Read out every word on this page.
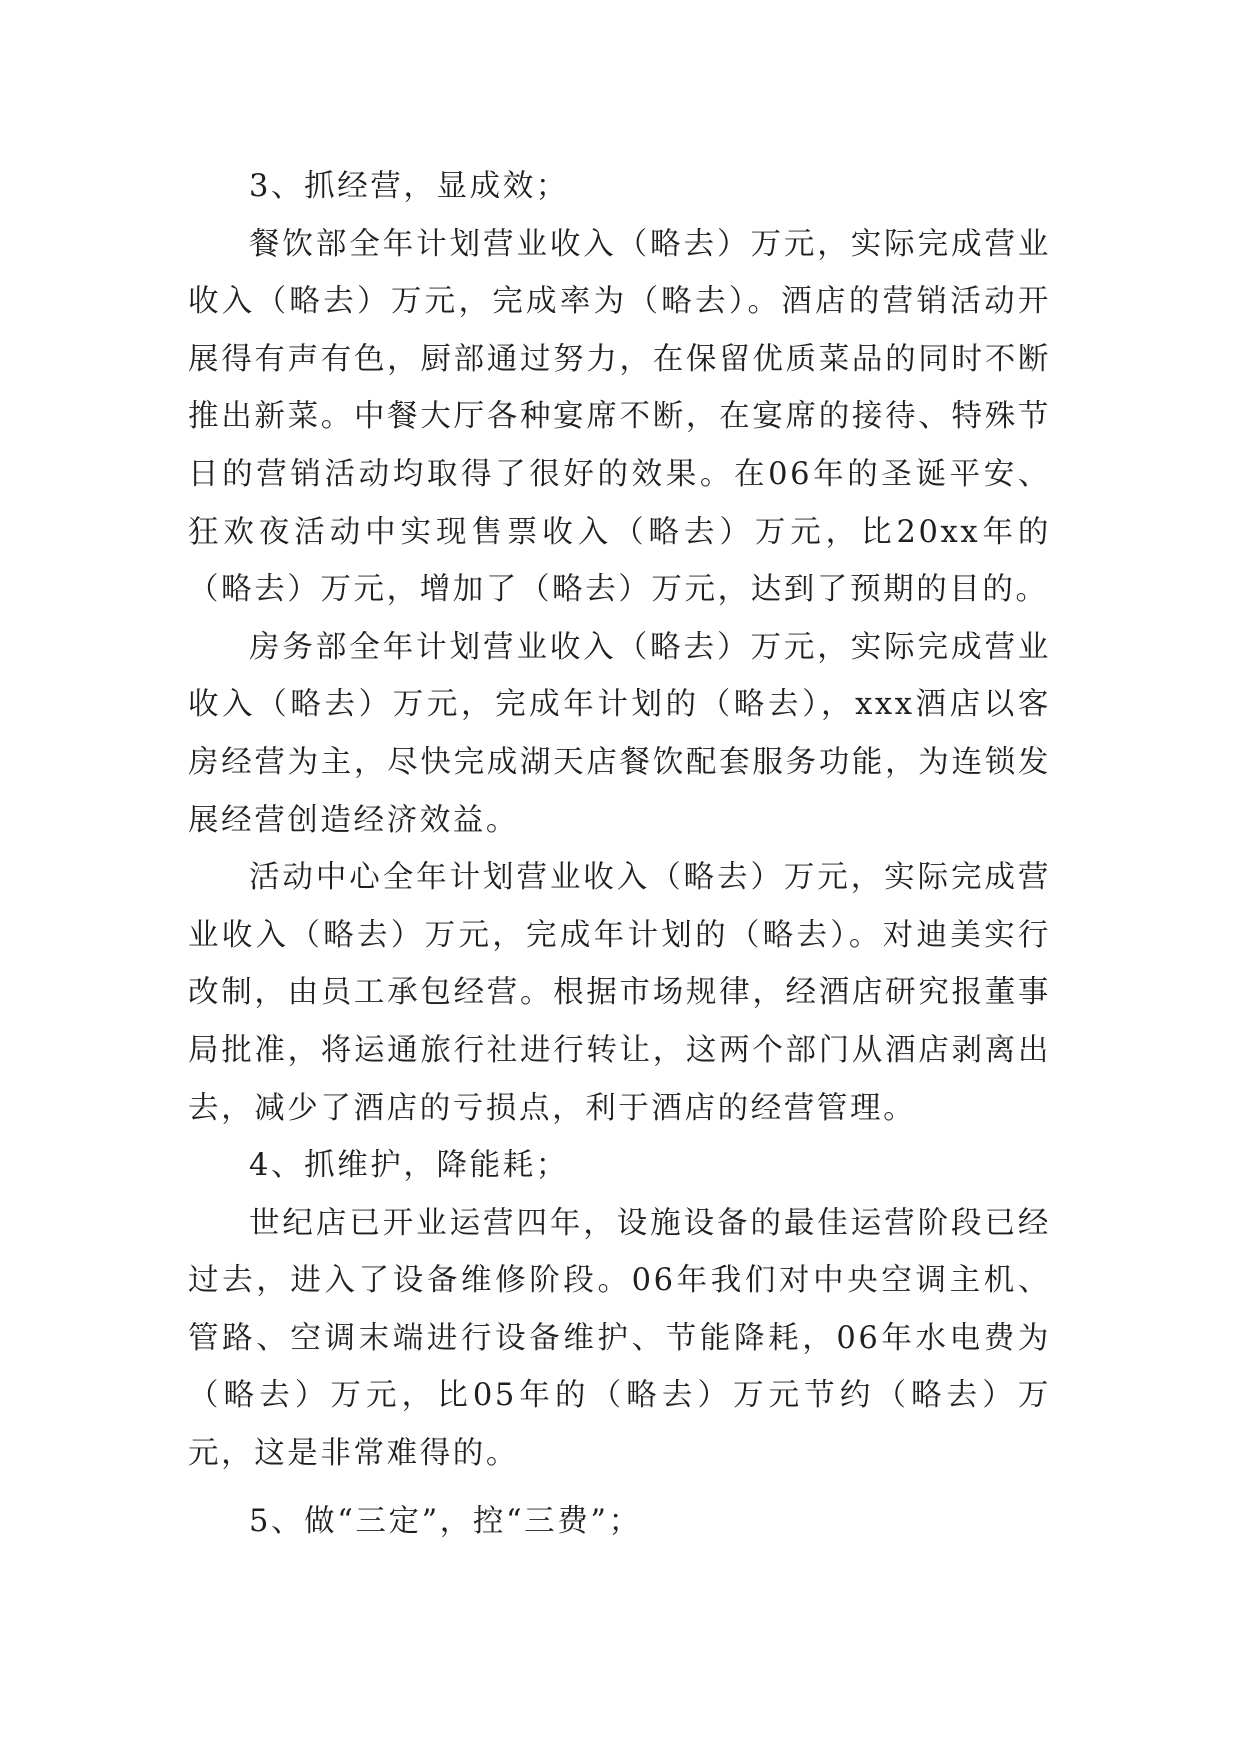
3、抓经营，显成效；

餐饮部全年计划营业收入（略去）万元，实际完成营业收入（略去）万元，完成率为（略去）。酒店的营销活动开展得有声有色，厨部通过努力，在保留优质菜品的同时不断推出新菜。中餐大厅各种宴席不断，在宴席的接待、特殊节日的营销活动均取得了很好的效果。在06年的圣诞平安、狂欢夜活动中实现售票收入（略去）万元，比20xx年的（略去）万元，增加了（略去）万元，达到了预期的目的。

房务部全年计划营业收入（略去）万元，实际完成营业收入（略去）万元，完成年计划的（略去），xxx酒店以客房经营为主，尽快完成湖天店餐饮配套服务功能，为连锁发展经营创造经济效益。

活动中心全年计划营业收入（略去）万元，实际完成营业收入（略去）万元，完成年计划的（略去）。对迪美实行改制，由员工承包经营。根据市场规律，经酒店研究报董事局批准，将运通旅行社进行转让，这两个部门从酒店剥离出去，减少了酒店的亏损点，利于酒店的经营管理。

4、抓维护，降能耗；

世纪店已开业运营四年，设施设备的最佳运营阶段已经过去，进入了设备维修阶段。06年我们对中央空调主机、管路、空调末端进行设备维护、节能降耗，06年水电费为（略去）万元，比05年的（略去）万元节约（略去）万元，这是非常难得的。

5、做“三定”，控“三费”；
